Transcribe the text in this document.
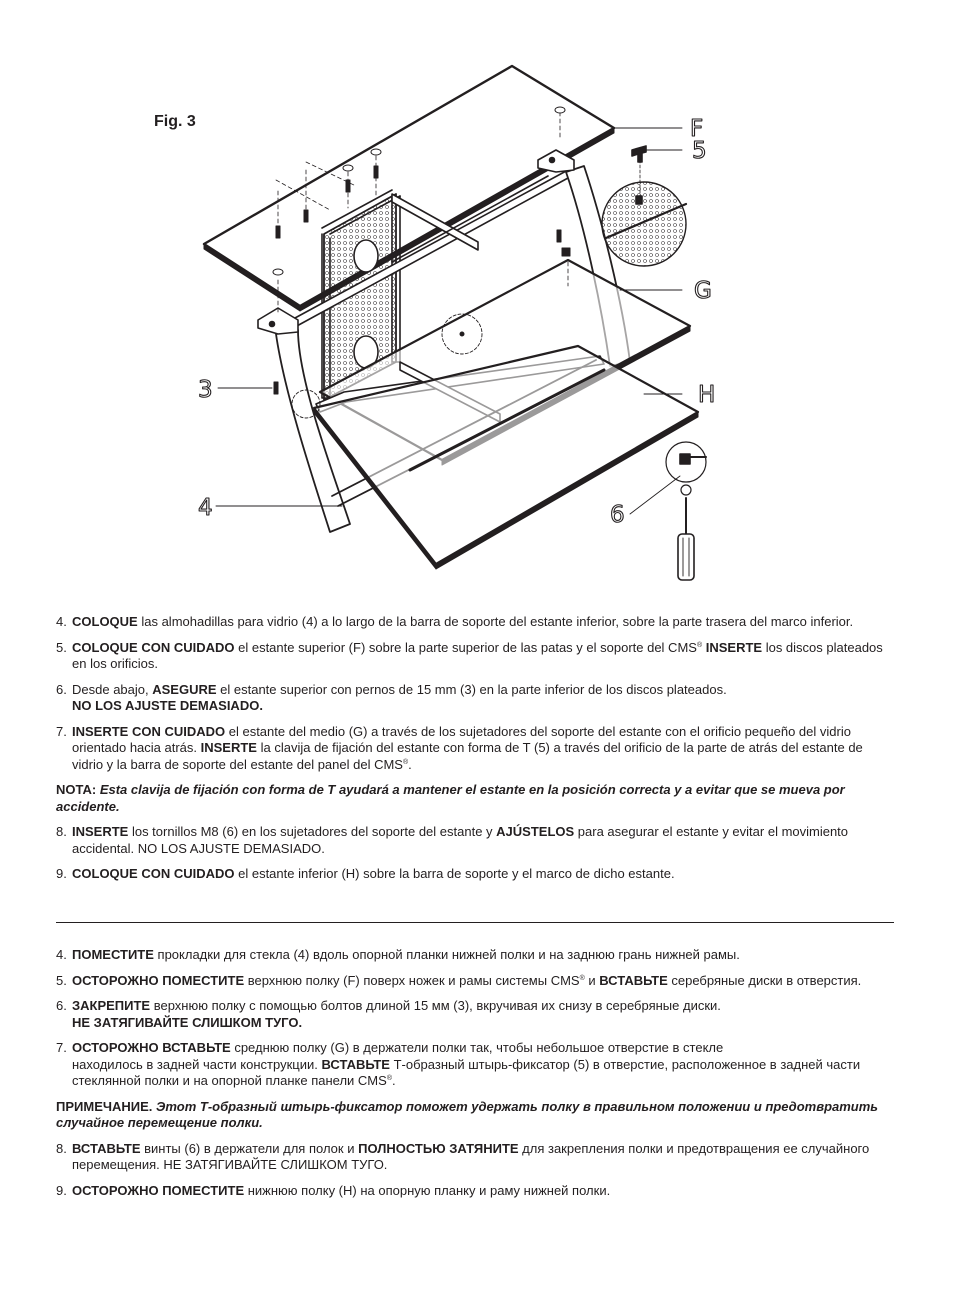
F
5
G
3	H
4	6
Fig. 3
4. COLOQUE las almohadillas para vidrio (4) a lo largo de la barra de soporte del estante inferior, sobre la parte trasera del marco inferior.
5. COLOQUE CON CUIDADO el estante superior (F) sobre la parte superior de las patas y el soporte del CMS® INSERTE los discos plateados en los orificios.
6. Desde abajo, ASEGURE el estante superior con pernos de 15 mm (3) en la parte inferior de los discos plateados.
NO LOS AJUSTE DEMASIADO.
7. INSERTE CON CUIDADO el estante del medio (G) a través de los sujetadores del soporte del estante con el orificio pequeño del vidrio orientado hacia atrás. INSERTE la clavija de fijación del estante con forma de T (5) a través del orificio de la parte de atrás del estante de vidrio y la barra de soporte del estante del panel del CMS®.
NOTA: Esta clavija de fijación con forma de T ayudará a mantener el estante en la posición correcta y a evitar que se mueva por accidente.
8. INSERTE los tornillos M8 (6) en los sujetadores del soporte del estante y AJÚSTELOS para asegurar el estante y evitar el movimiento accidental. NO LOS AJUSTE DEMASIADO.
9. COLOQUE CON CUIDADO el estante inferior (H) sobre la barra de soporte y el marco de dicho estante.
4. ПОМЕСТИТЕ прокладки для стекла (4) вдоль опорной планки нижней полки и на заднюю грань нижней рамы.
5. ОСТОРОЖНО ПОМЕСТИТЕ верхнюю полку (F) поверх ножек и рамы системы CMS® и ВСТАВЬТЕ серебряные диски в отверстия.
6. ЗАКРЕПИТЕ верхнюю полку с помощью болтов длиной 15 мм (3), вкручивая их снизу в серебряные диски.
НЕ ЗАТЯГИВАЙТЕ СЛИШКОМ ТУГО.
7. ОСТОРОЖНО ВСТАВЬТЕ среднюю полку (G) в держатели полки так, чтобы небольшое отверстие в стекле
находилось в задней части конструкции. ВСТАВЬТЕ Т-образный штырь-фиксатор (5) в отверстие, расположенное в задней части стеклянной полки и на опорной планке панели CMS®.
ПРИМЕЧАНИЕ. Этот Т-образный штырь-фиксатор поможет удержать полку в правильном положении и предотвратить случайное перемещение полки.
8. ВСТАВЬТЕ винты (6) в держатели для полок и ПОЛНОСТЬЮ ЗАТЯНИТЕ для закрепления полки и предотвращения ее случайного перемещения. НЕ ЗАТЯГИВАЙТЕ СЛИШКОМ ТУГО.
9. ОСТОРОЖНО ПОМЕСТИТЕ нижнюю полку (H) на опорную планку и раму нижней полки.
